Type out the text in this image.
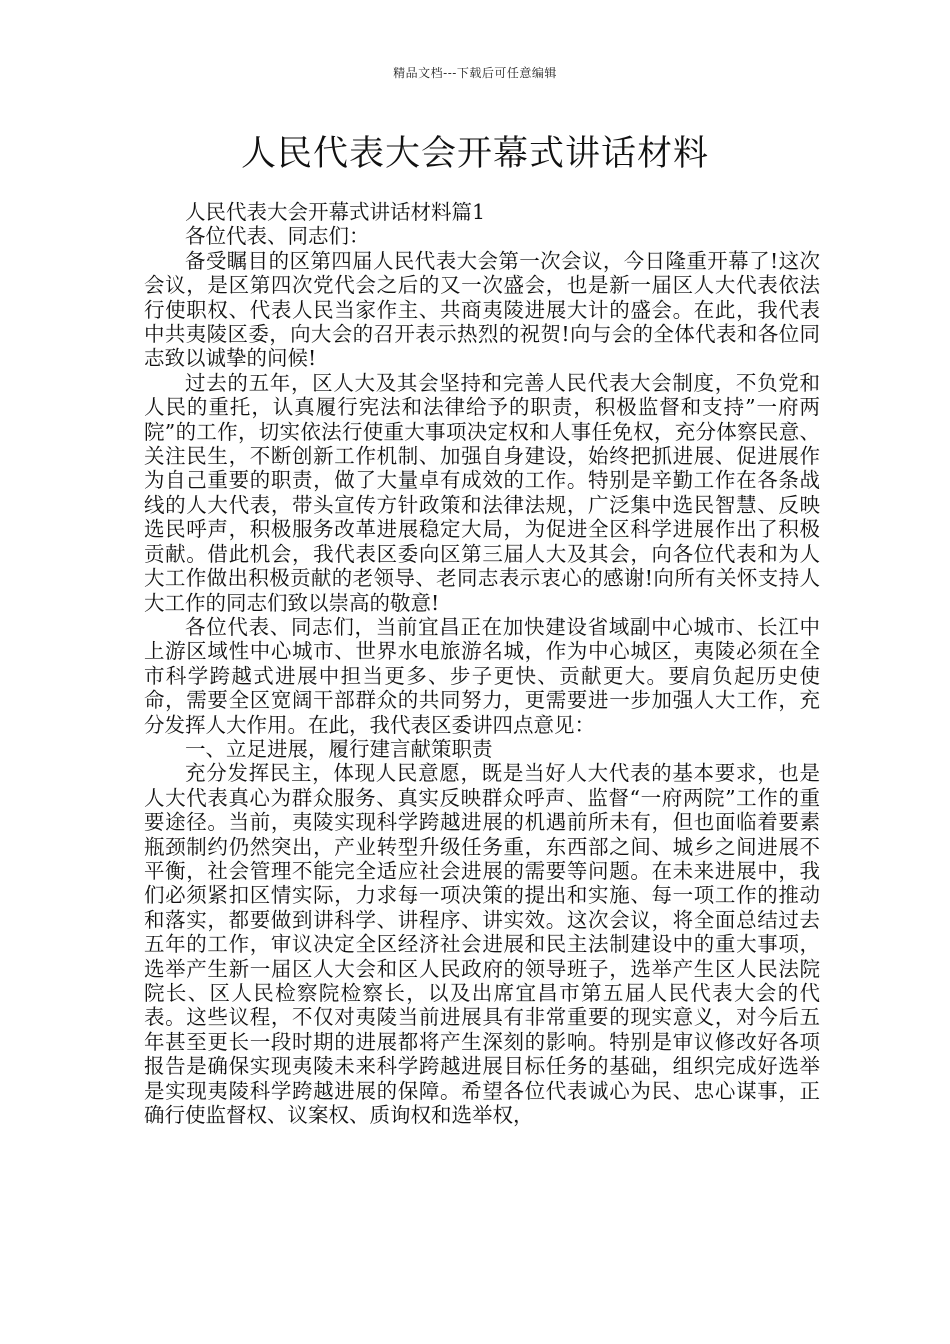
精品文档---下载后可任意编辑
人民代表大会开幕式讲话材料

人民代表大会开幕式讲话材料篇1

各位代表、同志们：

备受瞩目的区第四届人民代表大会第一次会议，今日隆重开幕了!这次会议，是区第四次党代会之后的又一次盛会，也是新一届区人大代表依法行使职权、代表人民当家作主、共商夷陵进展大计的盛会。在此，我代表中共夷陵区委，向大会的召开表示热烈的祝贺!向与会的全体代表和各位同志致以诚挚的问候!

过去的五年，区人大及其会坚持和完善人民代表大会制度，不负党和人民的重托，认真履行宪法和法律给予的职责，积极监督和支持”一府两院”的工作，切实依法行使重大事项决定权和人事任免权，充分体察民意、关注民生，不断创新工作机制、加强自身建设，始终把抓进展、促进展作为自己重要的职责，做了大量卓有成效的工作。特别是辛勤工作在各条战线的人大代表，带头宣传方针政策和法律法规，广泛集中选民智慧、反映选民呼声，积极服务改革进展稳定大局，为促进全区科学进展作出了积极贡献。借此机会，我代表区委向区第三届人大及其会，向各位代表和为人大工作做出积极贡献的老领导、老同志表示衷心的感谢!向所有关怀支持人大工作的同志们致以崇高的敬意!

各位代表、同志们，当前宜昌正在加快建设省域副中心城市、长江中上游区域性中心城市、世界水电旅游名城，作为中心城区，夷陵必须在全市科学跨越式进展中担当更多、步子更快、贡献更大。要肩负起历史使命，需要全区宽阔干部群众的共同努力，更需要进一步加强人大工作，充分发挥人大作用。在此，我代表区委讲四点意见：

一、立足进展，履行建言献策职责

充分发挥民主，体现人民意愿，既是当好人大代表的基本要求，也是人大代表真心为群众服务、真实反映群众呼声、监督“一府两院”工作的重要途径。当前，夷陵实现科学跨越进展的机遇前所未有，但也面临着要素瓶颈制约仍然突出，产业转型升级任务重，东西部之间、城乡之间进展不平衡，社会管理不能完全适应社会进展的需要等问题。在未来进展中，我们必须紧扣区情实际，力求每一项决策的提出和实施、每一项工作的推动和落实，都要做到讲科学、讲程序、讲实效。这次会议，将全面总结过去五年的工作，审议决定全区经济社会进展和民主法制建设中的重大事项，选举产生新一届区人大会和区人民政府的领导班子，选举产生区人民法院院长、区人民检察院检察长，以及出席宜昌市第五届人民代表大会的代表。这些议程，不仅对夷陵当前进展具有非常重要的现实意义，对今后五年甚至更长一段时期的进展都将产生深刻的影响。特别是审议修改好各项报告是确保实现夷陵未来科学跨越进展目标任务的基础，组织完成好选举是实现夷陵科学跨越进展的保障。希望各位代表诚心为民、忠心谋事，正确行使监督权、议案权、质询权和选举权，
